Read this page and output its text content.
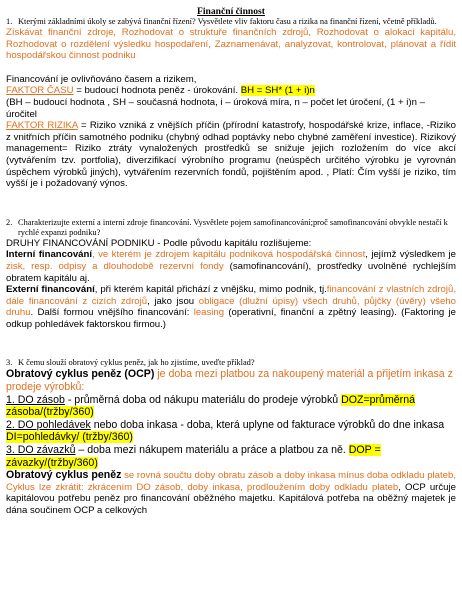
Finanční činnost

1. Kterými základními úkoly se zabývá finanční řízení? Vysvětlete vliv faktoru času a rizika na finanční řízení, včetně příkladů.

Získávat finanční zdroje, Rozhodovat o struktuře finančních zdrojů, Rozhodovat o alokaci kapitálu, Rozhodovat o rozdělení výsledku hospodaření, Zaznamenávat, analyzovat, kontrolovat, plánovat a řídit hospodářskou činnost podniku

Financování je ovlivňováno časem a rizikem,

FAKTOR ČASU = budoucí hodnota peněz - úrokování. BH = SH* (1 + i)n

(BH – budoucí hodnota , SH – současná hodnota, i – úroková míra, n – počet let úročení, (1 + i)n – úročitel

FAKTOR RIZIKA = Riziko vzniká z vnějších příčin (přírodní katastrofy, hospodářské krize, inflace, -Riziko z vnitřních příčin samotného podniku (chybný odhad poptávky nebo chybné zaměření investice). Rizikový management= Riziko ztráty vynaložených prostředků se snižuje jejich rozložením do více akcí (vytvářením tzv. portfolia), diverzifikací výrobního programu (neúspěch určitého výrobku je vyrovnán úspěchem výrobků jiných), vytvářením rezervních fondů, pojištěním apod. , Platí: Čím vyšší je riziko, tím vyšší je i požadovaný výnos.

2. Charakterizujte externí a interní zdroje financování. Vysvětlete pojem samofinancování;proč samofinancování obvykle nestačí k rychlé expanzi podniku?

DRUHY FINANCOVÁNÍ PODNIKU - Podle původu kapitálu rozlišujeme:

Interní financování, ve kterém je zdrojem kapitálu podniková hospodářská činnost, jejímž výsledkem je zisk, resp. odpisy a dlouhodobě rezervní fondy (samofinancování), prostředky uvolněné rychlejším obratem kapitálu aj.

Externí financování, při kterém kapitál přichází z vnějšku, mimo podnik, tj.financování z vlastních zdrojů, dále financování z cizích zdrojů, jako jsou obligace (dlužní úpisy) všech druhů, půjčky (úvěry) všeho druhu. Další formou vnějšího financování: leasing (operativní, finanční a zpětný leasing). (Faktoring je odkup pohledávek faktorskou firmou.)

3. K čemu slouží obratový cyklus peněz, jak ho zjistíme, uveďte příklad?

Obratový cyklus peněz (OCP) je doba mezi platbou za nakoupený materiál a přijetím inkasa z prodeje výrobků:

1. DO zásob - průměrná doba od nákupu materiálu do prodeje výrobků DOZ=průměrná zásoba/(tržby/360)

2. DO pohledávek nebo doba inkasa - doba, která uplyne od fakturace výrobků do dne inkasa DI=pohledávky/ (tržby/360)

3. DO závazků – doba mezi nákupem materiálu a práce a platbou za ně. DOP = závazky/(tržby/360)

Obratový cyklus peněz se rovná součtu doby obratu zásob a doby inkasa mínus doba odkladu plateb, Cyklus lze zkrátit: zkrácením DO zásob, doby inkasa, prodloužením doby odkladu plateb, OCP určuje kapitálovou potřebu peněz pro financování oběžného majetku. Kapitálová potřeba na oběžný majetek je dána součinem OCP a celkových
